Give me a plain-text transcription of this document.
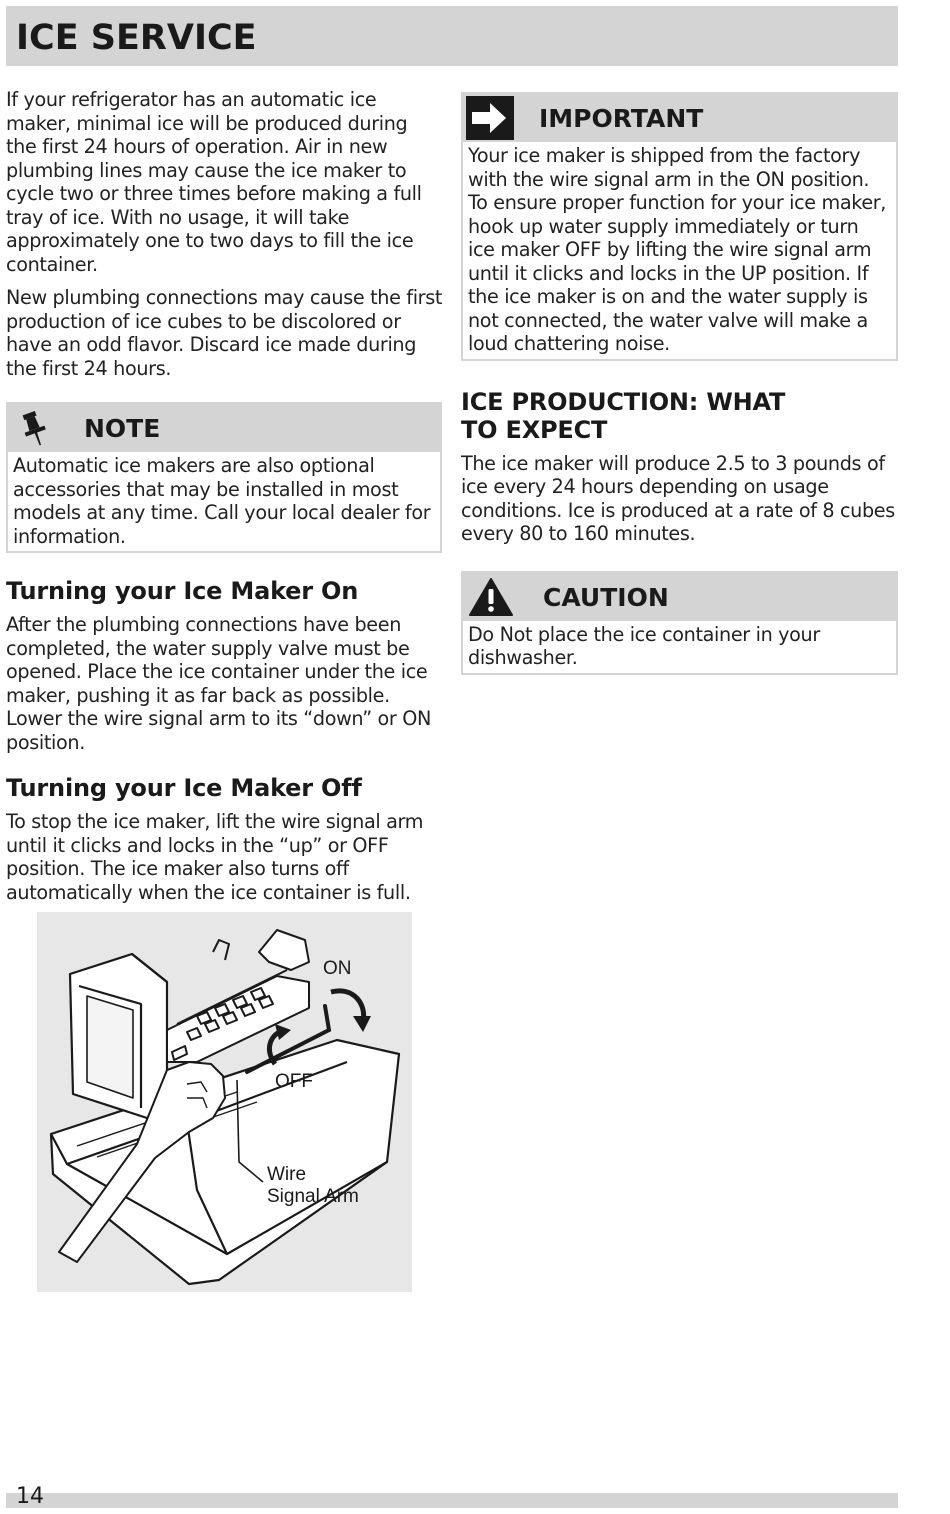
ICE SERVICE

If your refrigerator has an automatic ice maker, minimal ice will be produced during the first 24 hours of operation. Air in new plumbing lines may cause the ice maker to cycle two or three times before making a full tray of ice. With no usage, it will take approximately one to two days to fill the ice container.

New plumbing connections may cause the first production of ice cubes to be discolored or have an odd flavor. Discard ice made during the first 24 hours.

NOTE

Automatic ice makers are also optional accessories that may be installed in most models at any time. Call your local dealer for information.

Turning your Ice Maker On

After the plumbing connections have been completed, the water supply valve must be opened. Place the ice container under the ice maker, pushing it as far back as possible. Lower the wire signal arm to its “down” or ON position.

Turning your Ice Maker Off

To stop the ice maker, lift the wire signal arm until it clicks and locks in the “up” or OFF position. The ice maker also turns off automatically when the ice container is full.

ON
OFF
Wire
Signal Arm
IMPORTANT

Your ice maker is shipped from the factory with the wire signal arm in the ON position. To ensure proper function for your ice maker, hook up water supply immediately or turn ice maker OFF by lifting the wire signal arm until it clicks and locks in the UP position. If the ice maker is on and the water supply is not connected, the water valve will make a loud chattering noise.

ICE PRODUCTION: WHAT
TO EXPECT

The ice maker will produce 2.5 to 3 pounds of ice every 24 hours depending on usage conditions. Ice is produced at a rate of 8 cubes every 80 to 160 minutes.

CAUTION

Do Not place the ice container in your dishwasher.

14
